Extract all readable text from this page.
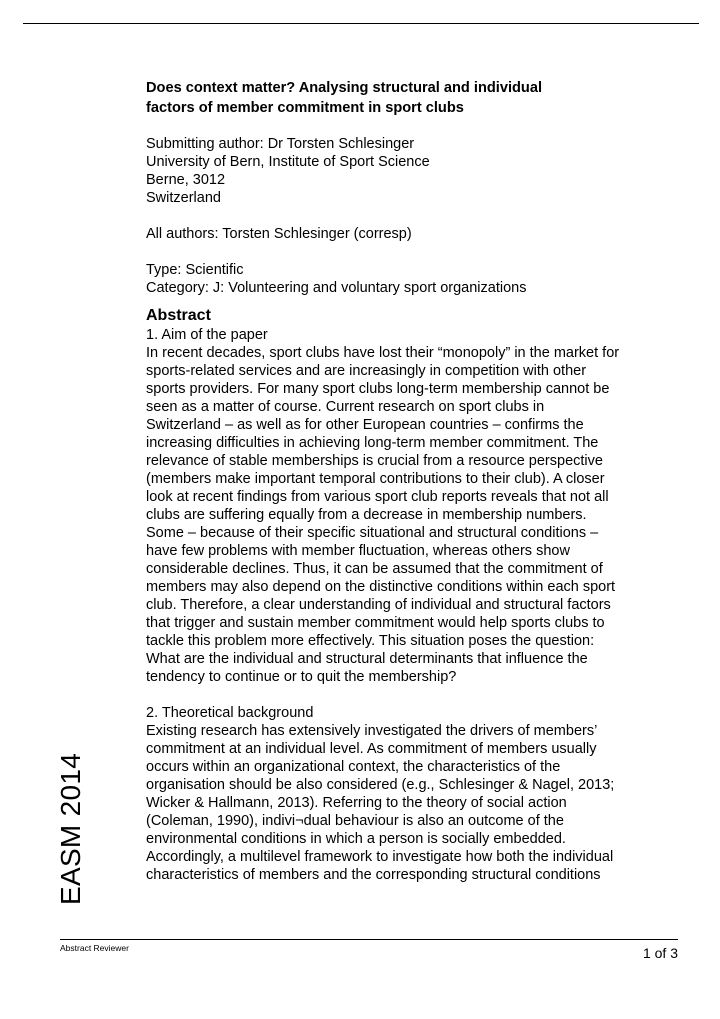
Does context matter? Analysing structural and individual
factors of member commitment in sport clubs
Submitting author: Dr Torsten Schlesinger
University of Bern, Institute of Sport Science
Berne, 3012
Switzerland
All authors: Torsten Schlesinger (corresp)
Type: Scientific
Category: J: Volunteering and voluntary sport organizations
Abstract
1. Aim of the paper
In recent decades, sport clubs have lost their “monopoly” in the market for
sports-related services and are increasingly in competition with other
sports providers. For many sport clubs long-term membership cannot be
seen as a matter of course. Current research on sport clubs in
Switzerland – as well as for other European countries – confirms the
increasing difficulties in achieving long-term member commitment. The
relevance of stable memberships is crucial from a resource perspective
(members make important temporal contributions to their club). A closer
look at recent findings from various sport club reports reveals that not all
clubs are suffering equally from a decrease in membership numbers.
Some – because of their specific situational and structural conditions –
have few problems with member fluctuation, whereas others show
considerable declines. Thus, it can be assumed that the commitment of
members may also depend on the distinctive conditions within each sport
club. Therefore, a clear understanding of individual and structural factors
that trigger and sustain member commitment would help sports clubs to
tackle this problem more effectively. This situation poses the question:
What are the individual and structural determinants that influence the
tendency to continue or to quit the membership?
2. Theoretical background
Existing research has extensively investigated the drivers of members’
commitment at an individual level. As commitment of members usually
occurs within an organizational context, the characteristics of the
organisation should be also considered (e.g., Schlesinger & Nagel, 2013;
Wicker & Hallmann, 2013). Referring to the theory of social action
(Coleman, 1990), indivi¬dual behaviour is also an outcome of the
environmental conditions in which a person is socially embedded.
Accordingly, a multilevel framework to investigate how both the individual
characteristics of members and the corresponding structural conditions
EASM 2014
Abstract Reviewer	1 of 3
